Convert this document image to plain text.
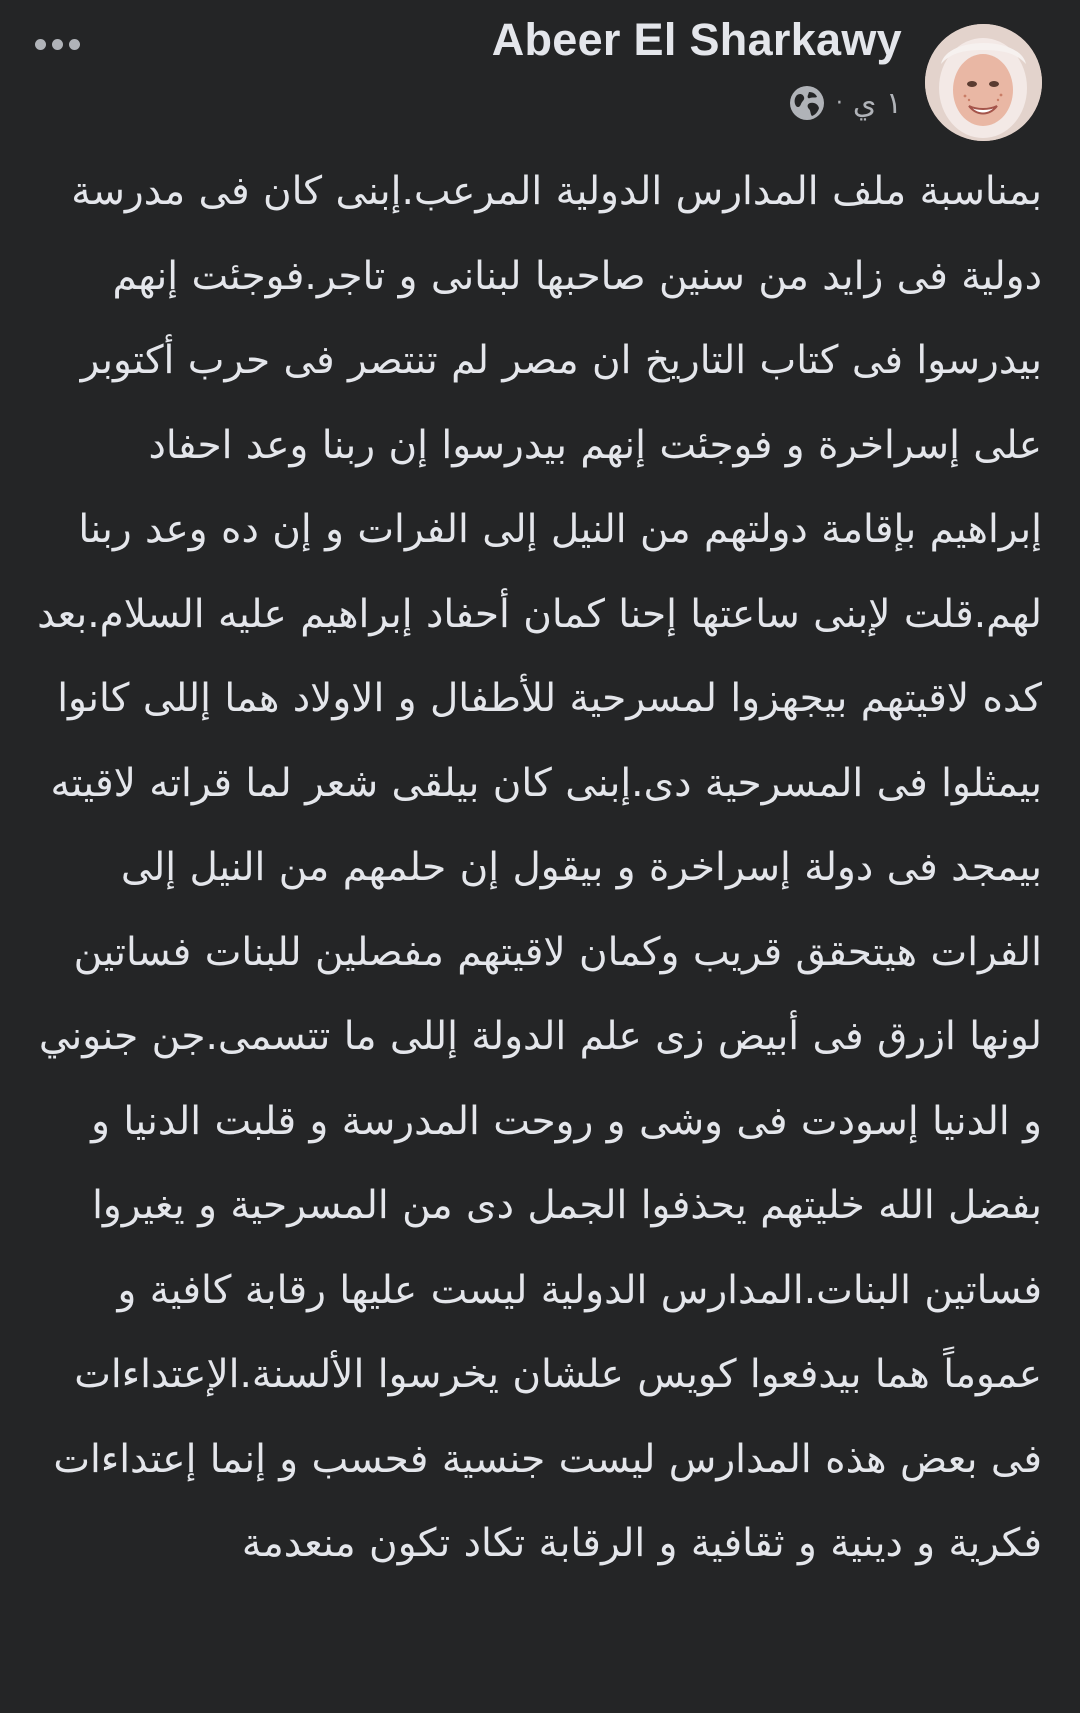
Abeer El Sharkawy
١ ي
·

بمناسبة ملف المدارس الدولية المرعب.إبنى كان فى مدرسة دولية فى زايد من سنين صاحبها لبنانى و تاجر.فوجئت إنهم بيدرسوا فى كتاب التاريخ ان مصر لم تنتصر فى حرب أكتوبر على إسراخرة و فوجئت إنهم بيدرسوا إن ربنا وعد احفاد إبراهيم بإقامة دولتهم من النيل إلى الفرات و إن ده وعد ربنا لهم.قلت لإبنى ساعتها إحنا كمان أحفاد إبراهيم عليه السلام.بعد كده لاقيتهم بيجهزوا لمسرحية للأطفال و الاولاد هما إللى كانوا بيمثلوا فى المسرحية دى.إبنى كان بيلقى شعر لما قراته لاقيته بيمجد فى دولة إسراخرة و بيقول إن حلمهم من النيل إلى الفرات هيتحقق قريب وكمان لاقيتهم مفصلين للبنات فساتين لونها ازرق فى أبيض زى علم الدولة إللى ما تتسمى.جن جنوني و الدنيا إسودت فى وشى و روحت المدرسة و قلبت الدنيا و بفضل الله خليتهم يحذفوا الجمل دى من المسرحية و يغيروا فساتين البنات.المدارس الدولية ليست عليها رقابة كافية و عموماً هما بيدفعوا كويس علشان يخرسوا الألسنة.الإعتداءات فى بعض هذه المدارس ليست جنسية فحسب و إنما إعتداءات فكرية و دينية و ثقافية و الرقابة تكاد تكون منعدمة
